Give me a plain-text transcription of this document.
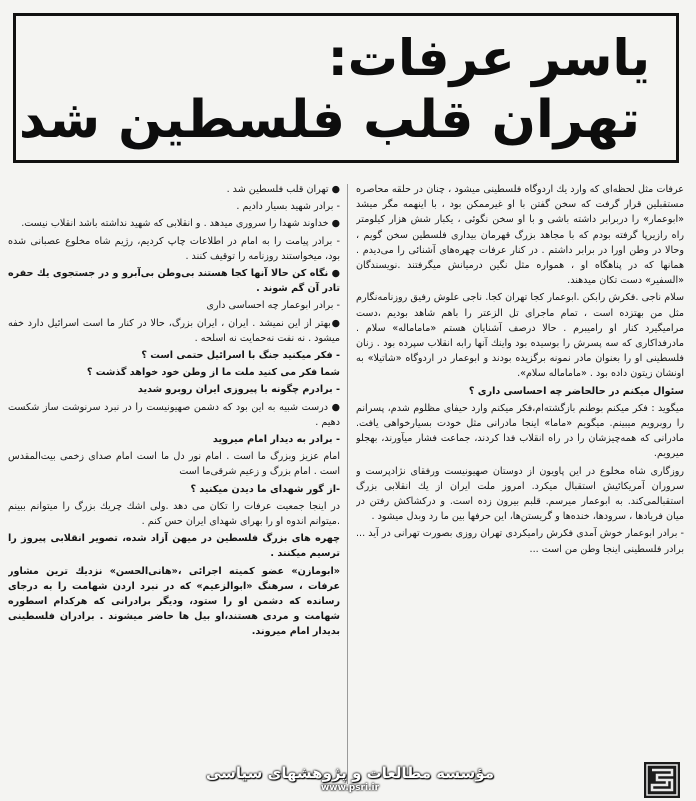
یاسر عرفات:
تهران قلب فلسطین شد

عرفات مثل لحظه‌ای که وارد یك اردوگاه فلسطینی میشود ، چنان در حلقه محاصره مستقبلین قرار گرفت که سخن گفتن با او غیرممکن بود ، با اینهمه مگر میشد «ابوعمار» را دربرابر داشته باشی و با او سخن نگوئی ، یکبار شش هزار کیلومتر راه رازیرپا گرفته بودم که با مجاهد بزرگ قهرمان بیداری فلسطین سخن گویم ، وحالا در وطن اورا در برابر داشتم . در کنار عرفات چهره‌های آشنائی را می‌دیدم . همانها که در پناهگاه او ، همواره مثل نگین درمیانش میگرفتند .نویسندگان «السفیر» دست تکان میدهند.

سلام ناجی .فکرش رابکن .ابوعمار کجا تهران کجا. ناجی علوش رفیق روزنامه‌نگارم مثل من بهتزده است ، تمام ماجرای تل الزعتر را باهم شاهد بودیم ،دست مرامیگیرد کنار او رامیبرم . حالا درصف آشنایان هستم «ماما‌ماله» سلام . مادرفداکاری که سه پسرش را بوسیده بود واینك آنها رابه انقلاب سپرده بود . زنان فلسطینی او را بعنوان مادر نمونه برگزیده بودند و ابوعمار در اردوگاه «شاتیلا» به اونشان زیتون داده بود . «ماما‌ماله سلام».

سئوال میکنم در حالحاضر چه احساسی داری ؟

میگوید : فکر میکنم بوطنم بازگشته‌ام،فکر میکنم وارد حیفای مظلوم شدم، پسرانم را روبرویم میبینم. میگویم «ماما» اینجا مادرانی مثل خودت بسیارخواهی یافت. مادرانی که همه‌چیزشان را در راه انقلاب فدا کردند، جماعت فشار میآورند، بهجلو میرویم.

روزگاری شاه مخلوع در این پاویون از دوستان صهیونیست ورفقای نژادپرست و سروران آمریکائیش استقبال میکرد. امروز ملت ایران از یك انقلابی بزرگ استقبالمی‌کند. به ابوعمار میرسم. قلبم بیرون زده است. و درکشاکش رفتن در میان فریادها ، سرودها، خنده‌ها و گریستن‌ها، این حرفها بین ما رد وبدل میشود .

- برادر ابوعمار خوش آمدی فکرش رامیکردی تهران روزی بصورت تهرانی در آید ... برادر فلسطینی اینجا وطن من است ...

● تهران قلب فلسطین شد .

- برادر شهید بسیار دادیم .

● خداوند شهدا را سروری میدهد . و انقلابی که شهید نداشته باشد انقلاب نیست.

- برادر پیامت را به امام در اطلاعات چاپ کردیم، رژیم شاه مخلوع عصبانی شده بود، میخواستند روزنامه را توقیف کنند .

● نگاه کن حالا آنها کجا هستند بی‌وطن بی‌آبرو و در جستجوی یك حفره تادر آن گم شوند .

- برادر ابوعمار چه احساسی داری

●بهتر از این نمیشد . ایران ، ایران بزرگ، حالا در کنار ما است اسرائیل دارد خفه میشود . نه نفت نه‌حمایت نه اسلحه .

- فکر میکنید جنگ با اسرائیل حتمی است ؟

شما فکر می کنید ملت ما از وطن خود خواهد گذشت ؟

- برادرم چگونه با پیروزی ایران روبرو شدید

● درست شبیه به این بود که دشمن صهیونیست را در نبرد سرنوشت ساز شکست دهیم .

- برادر به دیدار امام میروید

امام عزیز وبزرگ ما است . امام نور دل ما است امام صدای زخمی بیت‌المقدس است . امام بزرگ و زعیم شرقی‌ما است

-از گور شهدای ما دیدن میکنید ؟

در اینجا جمعیت عرفات را تکان می دهد .ولی اشك چریك بزرگ را میتوانم ببینم .میتوانم اندوه او را بهرای شهدای ایران حس کنم .

چهره های بزرگ فلسطین در میهن آزاد شده، تصویر انقلابی پیروز را ترسیم میکنند .

«ابومازن» عضو کمیته اجرائی ،«هانی‌الحسن» نزدیك ترین مشاور عرفات ، سرهنگ «ابوالزعیم» که در نبرد اردن شهامت را به درجای رسانده که دشمن او را ستود، ودیگر برادرانی که هرکدام اسطوره شهامت و مردی هستند،او بیل ها حاضر میشوند . برادران فلسطینی بدیدار امام میروند.

مؤسسه مطالعات و پژوهشهای سیاسی
www.psri.ir
